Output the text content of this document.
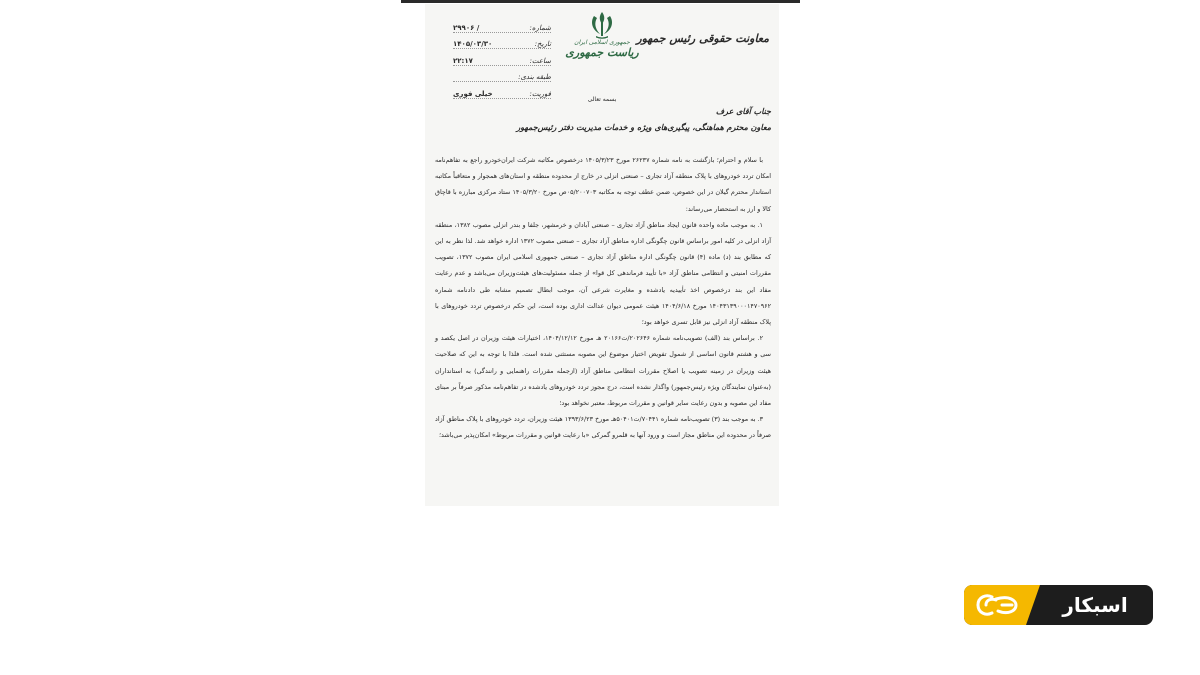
معاونت حقوقی رئیس جمهور
جمهوری اسلامی ایران
ریاست جمهوری
شماره:
۲۹۹۰۶ /
تاریخ:
۱۴۰۵/۰۳/۳۰
ساعت:
۲۲:۱۷
طبقه بندی:
فوریت:
خیلی فوری
بسمه تعالی
جناب آقای عرف
معاون محترم هماهنگی، پیگیری‌های ویژه و خدمات مدیریت دفتر رئیس‌جمهور

با سلام و احترام؛ بازگشت به نامه شماره ۲۶۲۳۷ مورخ ۱۴۰۵/۳/۲۳ درخصوص مکاتبه شرکت ایران‌خودرو راجع به تفاهم‌نامه امکان تردد خودروهای با پلاک منطقه آزاد تجاری – صنعتی انزلی در خارج از محدوده منطقه و استان‌های همجوار و متعاقباً مکاتبه استاندار محترم گیلان در این خصوص، ضمن عطف توجه به مکاتبه ۰۵/۲۰۰۷۰۳‌ص مورخ ۱۴۰۵/۳/۲۰ ستاد مرکزی مبارزه با قاچاق کالا و ارز به استحضار می‌رساند:

۱. به موجب ماده واحده قانون ایجاد مناطق آزاد تجاری – صنعتی آبادان و خرمشهر، جلفا و بندر انزلی مصوب ۱۳۸۲، منطقه آزاد انزلی در کلیه امور براساس قانون چگونگی اداره مناطق آزاد تجاری – صنعتی مصوب ۱۳۷۲ اداره خواهد شد. لذا نظر به این که مطابق بند (د) ماده (۴) قانون چگونگی اداره مناطق آزاد تجاری – صنعتی جمهوری اسلامی ایران مصوب ۱۳۷۲، تصویب مقررات امنیتی و انتظامی مناطق آزاد «با تأیید فرماندهی کل قوا» از جمله مسئولیت‌های هیئت‌وزیران می‌باشد و عدم رعایت مفاد این بند درخصوص اخذ تأییدیه یادشده و مغایرت شرعی آن، موجب ابطال تصمیم مشابه طی دادنامه شماره ۱۴۰۴۳۱۳۹۰۰۰۱۴۷۰۹۶۲ مورخ ۱۴۰۴/۶/۱۸ هیئت عمومی دیوان عدالت اداری بوده است، این حکم درخصوص تردد خودروهای با پلاک منطقه آزاد انزلی نیز قابل تسری خواهد بود؛

۲. براساس بند (الف) تصویب‌نامه شماره ۲۰۲۶۴۶/ت۲۰۱۶۶ هـ مورخ ۱۴۰۴/۱۲/۱۲، اختیارات هیئت وزیران در اصل یکصد و سی و هشتم قانون اساسی از شمول تفویض اختیار موضوع این مصوبه مستثنی شده است. فلذا با توجه به این که صلاحیت هیئت وزیران در زمینه تصویب یا اصلاح مقررات انتظامی مناطق آزاد (ازجمله مقررات راهنمایی و رانندگی) به استانداران (به‌عنوان نمایندگان ویژه رئیس‌جمهور) واگذار نشده است، درج مجوز تردد خودروهای یادشده در تفاهم‌نامه مذکور صرفاً بر مبنای مفاد این مصوبه و بدون رعایت سایر قوانین و مقررات مربوط، معتبر نخواهد بود؛

۳. به موجب بند (۳) تصویب‌نامه شماره ۷۰۴۴۱/ت۵۰۴۰۱هـ مورخ ۱۳۹۳/۶/۲۳ هیئت وزیران، تردد خودروهای با پلاک مناطق آزاد صرفاً در محدوده این مناطق مجاز است و ورود آنها به قلمرو گمرکی «با رعایت قوانین و مقررات مربوط» امکان‌پذیر می‌باشد؛

اسبکار
